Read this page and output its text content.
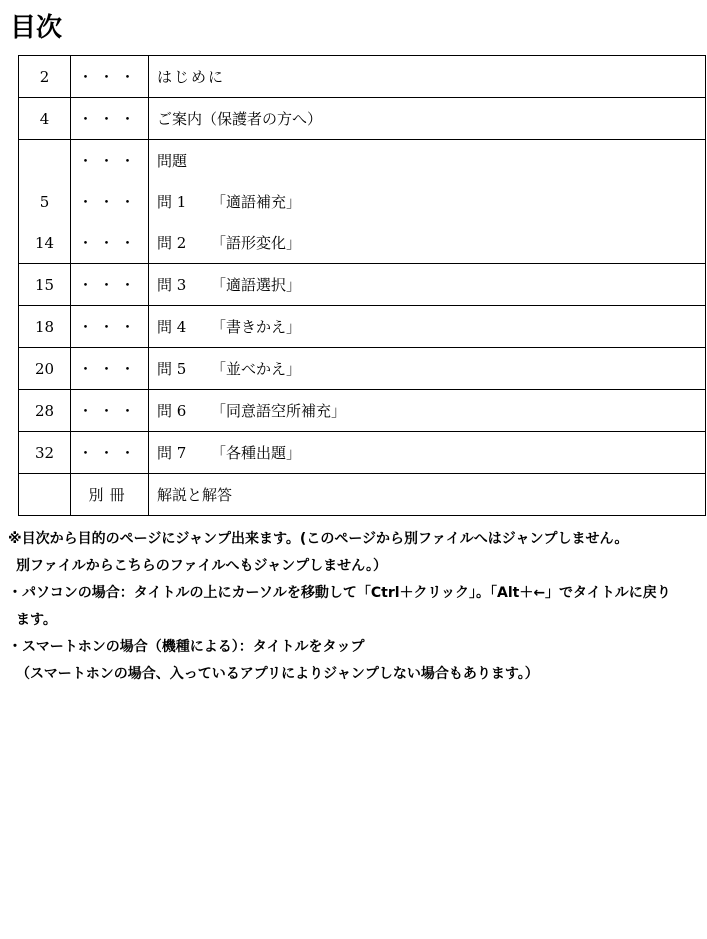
目次
2	・・・	はじめに
4	・・・	ご案内（保護者の方へ）
	・・・	問題
5	・・・	問 1 「適語補充」
14	・・・	問 2 「語形変化」
15	・・・	問 3 「適語選択」
18	・・・	問 4 「書きかえ」
20	・・・	問 5 「並べかえ」
28	・・・	問 6 「同意語空所補充」
32	・・・	問 7 「各種出題」
	別冊	解説と解答

※目次から目的のページにジャンプ出来ます。(このページから別ファイルへはジャンプしません。

別ファイルからこちらのファイルへもジャンプしません。）

・パソコンの場合：タイトルの上にカーソルを移動して「Ctrl＋クリック」。「Alt＋←」でタイトルに戻り

ます。

・スマートホンの場合（機種による）：タイトルをタップ

（スマートホンの場合、入っているアプリによりジャンプしない場合もあります。）
